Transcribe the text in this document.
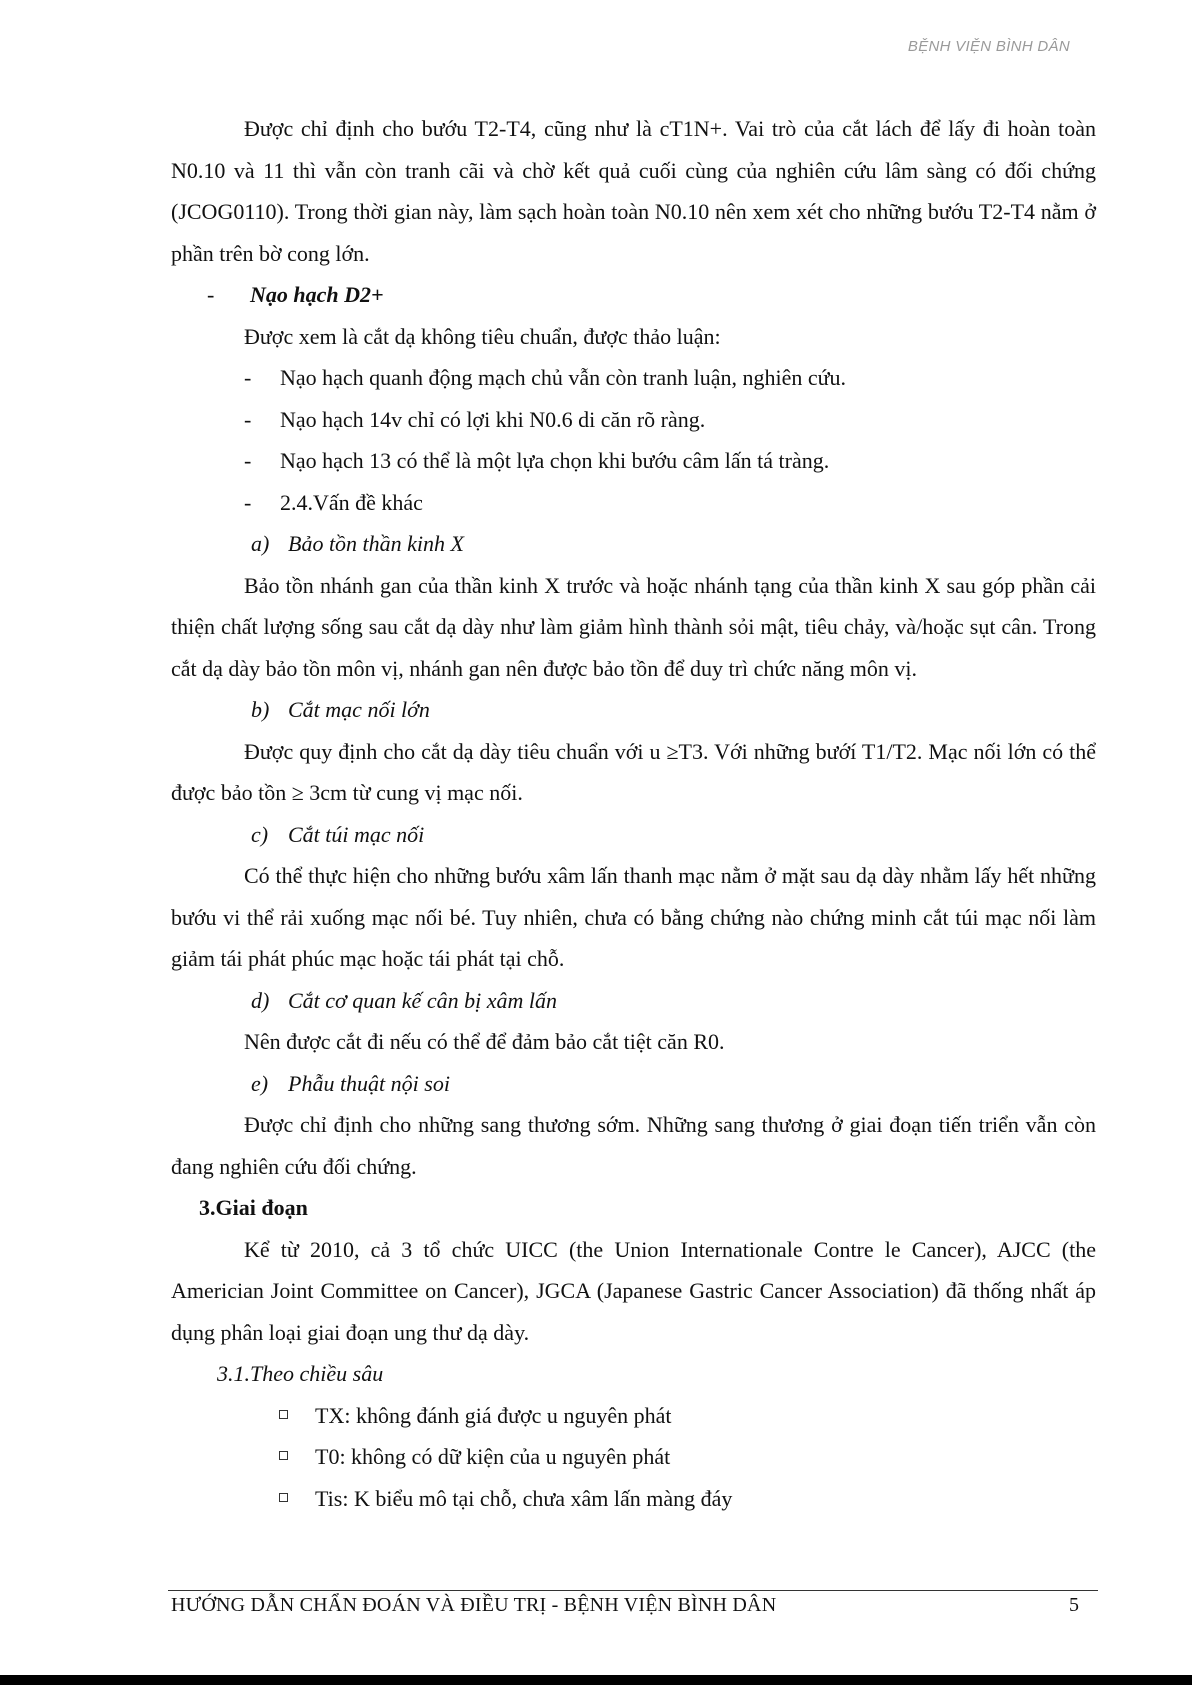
BỆNH VIỆN BÌNH DÂN

Được chỉ định cho bướu T2-T4, cũng như là cT1N+. Vai trò của cắt lách để lấy đi hoàn toàn N0.10 và 11 thì vẫn còn tranh cãi và chờ kết quả cuối cùng của nghiên cứu lâm sàng có đối chứng (JCOG0110). Trong thời gian này, làm sạch hoàn toàn N0.10 nên xem xét cho những bướu T2-T4 nằm ở phần trên bờ cong lớn.

- Nạo hạch D2+

Được xem là cắt dạ không tiêu chuẩn, được thảo luận:

- Nạo hạch quanh động mạch chủ vẫn còn tranh luận, nghiên cứu.

- Nạo hạch 14v chỉ có lợi khi N0.6 di căn rõ ràng.

- Nạo hạch 13 có thể là một lựa chọn khi bướu câm lấn tá tràng.

- 2.4.Vấn đề khác

a) Bảo tồn thần kinh X

Bảo tồn nhánh gan của thần kinh X trước và hoặc nhánh tạng của thần kinh X sau góp phần cải thiện chất lượng sống sau cắt dạ dày như làm giảm hình thành sỏi mật, tiêu chảy, và/hoặc sụt cân. Trong cắt dạ dày bảo tồn môn vị, nhánh gan nên được bảo tồn để duy trì chức năng môn vị.

b) Cắt mạc nối lớn

Được quy định cho cắt dạ dày tiêu chuẩn với u ≥T3. Với những bướí T1/T2. Mạc nối lớn có thể được bảo tồn ≥ 3cm từ cung vị mạc nối.

c) Cắt túi mạc nối

Có thể thực hiện cho những bướu xâm lấn thanh mạc nằm ở mặt sau dạ dày nhằm lấy hết những bướu vi thể rải xuống mạc nối bé. Tuy nhiên, chưa có bằng chứng nào chứng minh cắt túi mạc nối làm giảm tái phát phúc mạc hoặc tái phát tại chỗ.

d) Cắt cơ quan kế cân bị xâm lấn

Nên được cắt đi nếu có thể để đảm bảo cắt tiệt căn R0.

e) Phẫu thuật nội soi

Được chỉ định cho những sang thương sớm. Những sang thương ở giai đoạn tiến triển vẫn còn đang nghiên cứu đối chứng.

3.Giai đoạn

Kể từ 2010, cả 3 tổ chức UICC (the Union Internationale Contre le Cancer), AJCC (the Americian Joint Committee on Cancer), JGCA (Japanese Gastric Cancer Association) đã thống nhất áp dụng phân loại giai đoạn ung thư dạ dày.

3.1.Theo chiều sâu

TX: không đánh giá được u nguyên phát

T0: không có dữ kiện của u nguyên phát

Tis: K biểu mô tại chỗ, chưa xâm lấn màng đáy

HƯỚNG DẪN CHẨN ĐOÁN VÀ ĐIỀU TRỊ - BỆNH VIỆN BÌNH DÂN	5
